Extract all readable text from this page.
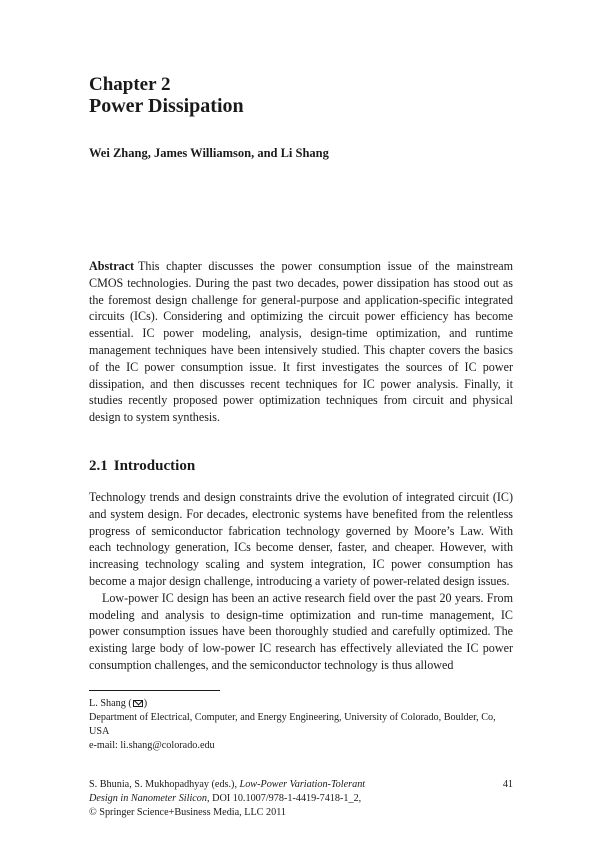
Chapter 2
Power Dissipation
Wei Zhang, James Williamson, and Li Shang
Abstract This chapter discusses the power consumption issue of the mainstream CMOS technologies. During the past two decades, power dissipation has stood out as the foremost design challenge for general-purpose and application-specific integrated circuits (ICs). Considering and optimizing the circuit power efficiency has become essential. IC power modeling, analysis, design-time optimization, and runtime management techniques have been intensively studied. This chapter covers the basics of the IC power consumption issue. It first investigates the sources of IC power dissipation, and then discusses recent techniques for IC power analysis. Finally, it studies recently proposed power optimization techniques from circuit and physical design to system synthesis.
2.1 Introduction

Technology trends and design constraints drive the evolution of integrated circuit (IC) and system design. For decades, electronic systems have benefited from the relentless progress of semiconductor fabrication technology governed by Moore’s Law. With each technology generation, ICs become denser, faster, and cheaper. However, with increasing technology scaling and system integration, IC power consumption has become a major design challenge, introducing a variety of power-related design issues.

Low-power IC design has been an active research field over the past 20 years. From modeling and analysis to design-time optimization and run-time management, IC power consumption issues have been thoroughly studied and carefully optimized. The existing large body of low-power IC research has effectively alleviated the IC power consumption challenges, and the semiconductor technology is thus allowed

L. Shang ( )
Department of Electrical, Computer, and Energy Engineering, University of Colorado, Boulder, Co, USA
e-mail: li.shang@colorado.edu
S. Bhunia, S. Mukhopadhyay (eds.), Low-Power Variation-Tolerant
Design in Nanometer Silicon, DOI 10.1007/978-1-4419-7418-1_2,
© Springer Science+Business Media, LLC 2011
41
